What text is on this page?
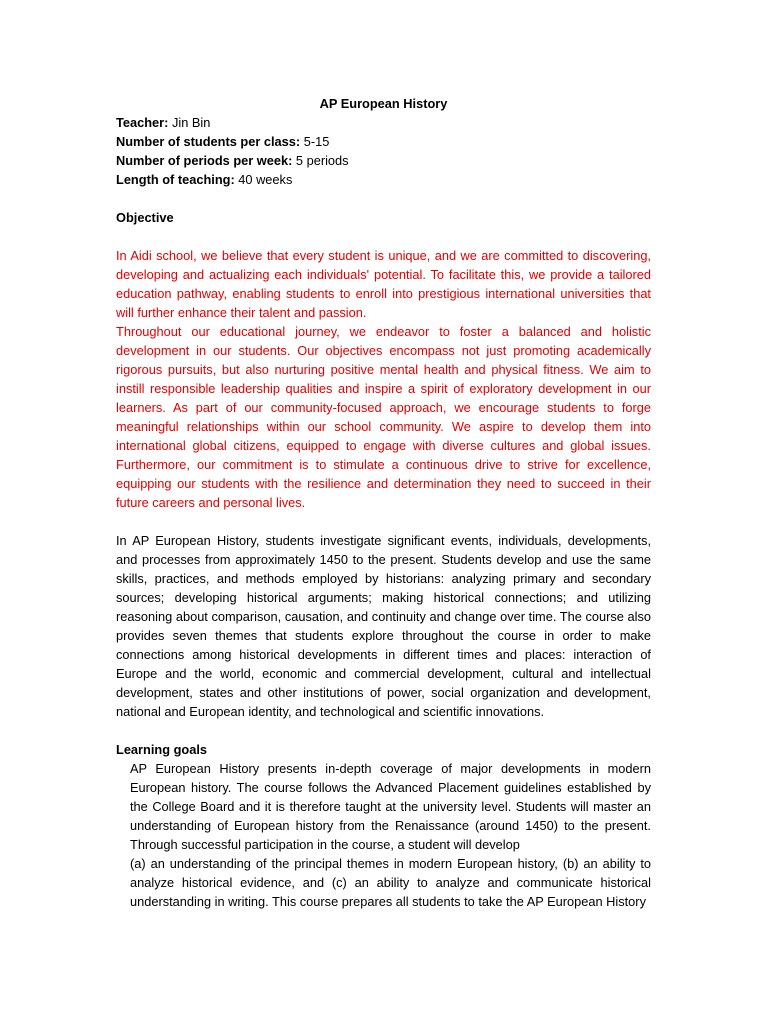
AP European History

Teacher: Jin Bin

Number of students per class: 5-15

Number of periods per week: 5 periods

Length of teaching: 40 weeks

Objective

In Aidi school, we believe that every student is unique, and we are committed to discovering, developing and actualizing each individuals' potential. To facilitate this, we provide a tailored education pathway, enabling students to enroll into prestigious international universities that will further enhance their talent and passion.

Throughout our educational journey, we endeavor to foster a balanced and holistic development in our students. Our objectives encompass not just promoting academically rigorous pursuits, but also nurturing positive mental health and physical fitness. We aim to instill responsible leadership qualities and inspire a spirit of exploratory development in our learners. As part of our community-focused approach, we encourage students to forge meaningful relationships within our school community. We aspire to develop them into international global citizens, equipped to engage with diverse cultures and global issues. Furthermore, our commitment is to stimulate a continuous drive to strive for excellence, equipping our students with the resilience and determination they need to succeed in their future careers and personal lives.

In AP European History, students investigate significant events, individuals, developments, and processes from approximately 1450 to the present. Students develop and use the same skills, practices, and methods employed by historians: analyzing primary and secondary sources; developing historical arguments; making historical connections; and utilizing reasoning about comparison, causation, and continuity and change over time. The course also provides seven themes that students explore throughout the course in order to make connections among historical developments in different times and places: interaction of Europe and the world, economic and commercial development, cultural and intellectual development, states and other institutions of power, social organization and development, national and European identity, and technological and scientific innovations.

Learning goals

AP European History presents in-depth coverage of major developments in modern European history. The course follows the Advanced Placement guidelines established by the College Board and it is therefore taught at the university level. Students will master an understanding of European history from the Renaissance (around 1450) to the present. Through successful participation in the course, a student will develop

(a) an understanding of the principal themes in modern European history, (b) an ability to analyze historical evidence, and (c) an ability to analyze and communicate historical understanding in writing. This course prepares all students to take the AP European History
